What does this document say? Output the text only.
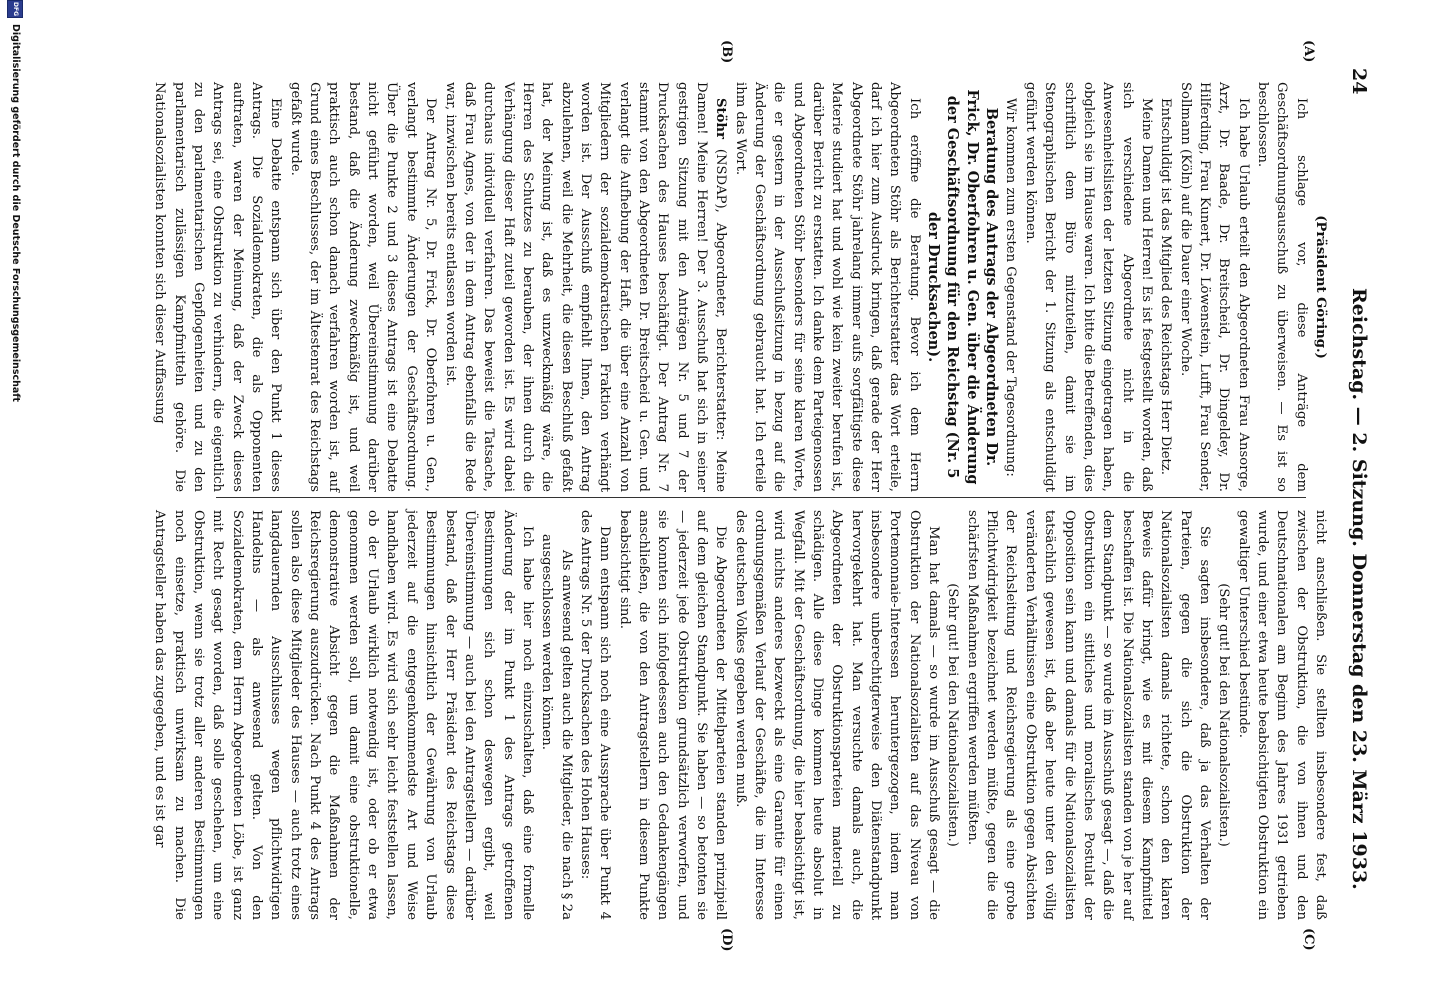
24
Reichstag. — 2. Sitzung. Donnerstag den 23. März 1933.
(A)
(B)
(C)
(D)

(Präsident Göring.)

Ich schlage vor, diese Anträge dem Geschäftsordnungsausschuß zu überweisen. — Es ist so beschlossen.

Ich habe Urlaub erteilt den Abgeordneten Frau Ansorge, Arzt, Dr. Baade, Dr. Breitscheid, Dr. Dingeldey, Dr. Hilferding, Frau Kunert, Dr. Löwenstein, Lufft, Frau Sender, Sollmann (Köln) auf die Dauer einer Woche.

Entschuldigt ist das Mitglied des Reichstags Herr Dietz.

Meine Damen und Herren! Es ist festgestellt worden, daß sich verschiedene Abgeordnete nicht in die Anwesenheitslisten der letzten Sitzung eingetragen haben, obgleich sie im Hause waren. Ich bitte die Betreffenden, dies schriftlich dem Büro mitzuteilen, damit sie im Stenographischen Bericht der 1. Sitzung als entschuldigt geführt werden können.

Wir kommen zum ersten Gegenstand der Tagesordnung:

Beratung des Antrags der Abgeordneten Dr. Frick, Dr. Oberfohren u. Gen. über die Änderung der Geschäftsordnung für den Reichstag (Nr. 5 der Drucksachen).

Ich eröffne die Beratung. Bevor ich dem Herrn Abgeordneten Stöhr als Berichterstatter das Wort erteile, darf ich hier zum Ausdruck bringen, daß gerade der Herr Abgeordnete Stöhr jahrelang immer aufs sorgfältigste diese Materie studiert hat und wohl wie kein zweiter berufen ist, darüber Bericht zu erstatten. Ich danke dem Parteigenossen und Abgeordneten Stöhr besonders für seine klaren Worte, die er gestern in der Ausschußsitzung in bezug auf die Änderung der Geschäftsordnung gebraucht hat. Ich erteile ihm das Wort.

Stöhr (NSDAP), Abgeordneter, Berichterstatter: Meine Damen! Meine Herren! Der 3. Ausschuß hat sich in seiner gestrigen Sitzung mit den Anträgen Nr. 5 und 7 der Drucksachen des Hauses beschäftigt. Der Antrag Nr. 7 stammt von den Abgeordneten Dr. Breitscheid u. Gen. und verlangt die Aufhebung der Haft, die über eine Anzahl von Mitgliedern der sozialdemokratischen Fraktion verhängt worden ist. Der Ausschuß empfiehlt Ihnen, den Antrag abzulehnen, weil die Mehrheit, die diesen Beschluß gefaßt hat, der Meinung ist, daß es unzweckmäßig wäre, die Herren des Schutzes zu berauben, der ihnen durch die Verhängung dieser Haft zuteil geworden ist. Es wird dabei durchaus individuell verfahren. Das beweist die Tatsache, daß Frau Agnes, von der in dem Antrag ebenfalls die Rede war, inzwischen bereits entlassen worden ist.

Der Antrag Nr. 5, Dr. Frick, Dr. Oberfohren u. Gen., verlangt bestimmte Änderungen der Geschäftsordnung. Über die Punkte 2 und 3 dieses Antrags ist eine Debatte nicht geführt worden, weil Übereinstimmung darüber bestand, daß die Änderung zweckmäßig ist, und weil praktisch auch schon danach verfahren worden ist, auf Grund eines Beschlusses, der im Ältestenrat des Reichstags gefaßt wurde.

Eine Debatte entspann sich über den Punkt 1 dieses Antrags. Die Sozialdemokraten, die als Opponenten auftraten, waren der Meinung, daß der Zweck dieses Antrags sei, eine Obstruktion zu verhindern, die eigentlich zu den parlamentarischen Gepflogenheiten und zu den parlamentarisch zulässigen Kampfmitteln gehöre. Die Nationalsozialisten konnten sich dieser Auffassung

nicht anschließen. Sie stellten insbesondere fest, daß zwischen der Obstruktion, die von ihnen und den Deutschnationalen am Beginn des Jahres 1931 getrieben wurde, und einer etwa heute beabsichtigten Obstruktion ein gewaltiger Unterschied bestünde.

(Sehr gut! bei den Nationalsozialisten.)

Sie sagten insbesondere, daß ja das Verhalten der Parteien, gegen die sich die Obstruktion der Nationalsozialisten damals richtete, schon den klaren Beweis dafür bringt, wie es mit diesem Kampfmittel beschaffen ist. Die Nationalsozialisten standen von je her auf dem Standpunkt — so wurde im Ausschuß gesagt —, daß die Obstruktion ein sittliches und moralisches Postulat der Opposition sein kann und damals für die Nationalsozialisten tatsächlich gewesen ist, daß aber heute unter den völlig veränderten Verhältnissen eine Obstruktion gegen Absichten der Reichsleitung und Reichsregierung als eine grobe Pflichtwidrigkeit bezeichnet werden müßte, gegen die die schärfsten Maßnahmen ergriffen werden müßten.

(Sehr gut! bei den Nationalsozialisten.)

Man hat damals — so wurde im Ausschuß gesagt — die Obstruktion der Nationalsozialisten auf das Niveau von Portemonnaie-Interessen heruntergezogen, indem man insbesondere unberechtigterweise den Diätenstandpunkt hervorgekehrt hat. Man versuchte damals auch, die Abgeordneten der Obstruktionsparteien materiell zu schädigen. Alle diese Dinge kommen heute absolut in Wegfall. Mit der Geschäftsordnung, die hier beabsichtigt ist, wird nichts anderes bezweckt als eine Garantie für einen ordnungsgemäßen Verlauf der Geschäfte, die im Interesse des deutschen Volkes gegeben werden muß.

Die Abgeordneten der Mittelparteien standen prinzipiell auf dem gleichen Standpunkt. Sie haben — so betonten sie — jederzeit jede Obstruktion grundsätzlich verworfen, und sie konnten sich infolgedessen auch den Gedankengängen anschließen, die von den Antragstellern in diesem Punkte beabsichtigt sind.

Dann entspann sich noch eine Aussprache über Punkt 4 des Antrags Nr. 5 der Drucksachen des Hohen Hauses:

Als anwesend gelten auch die Mitglieder, die nach § 2a ausgeschlossen werden können.

Ich habe hier noch einzuschalten, daß eine formelle Änderung der im Punkt 1 des Antrags getroffenen Bestimmungen sich schon deswegen ergibt, weil Übereinstimmung — auch bei den Antragstellern — darüber bestand, daß der Herr Präsident des Reichstags diese Bestimmungen hinsichtlich der Gewährung von Urlaub jederzeit auf die entgegenkommendste Art und Weise handhaben wird. Es wird sich sehr leicht feststellen lassen, ob der Urlaub wirklich notwendig ist, oder ob er etwa genommen werden soll, um damit eine obstruktionelle, demonstrative Absicht gegen die Maßnahmen der Reichsregierung auszudrücken. Nach Punkt 4 des Antrags sollen also diese Mitglieder des Hauses — auch trotz eines langdauernden Ausschlusses wegen pflichtwidrigen Handelns — als anwesend gelten. Von den Sozialdemokraten, dem Herrn Abgeordneten Löbe, ist ganz mit Recht gesagt worden, daß solle geschehen, um eine Obstruktion, wenn sie trotz aller anderen Bestimmungen noch einsetze, praktisch unwirksam zu machen. Die Antragsteller haben das zugegeben, und es ist gar

DFG
Digitalisierung gefördert durch die Deutsche Forschungsgemeinschaft
